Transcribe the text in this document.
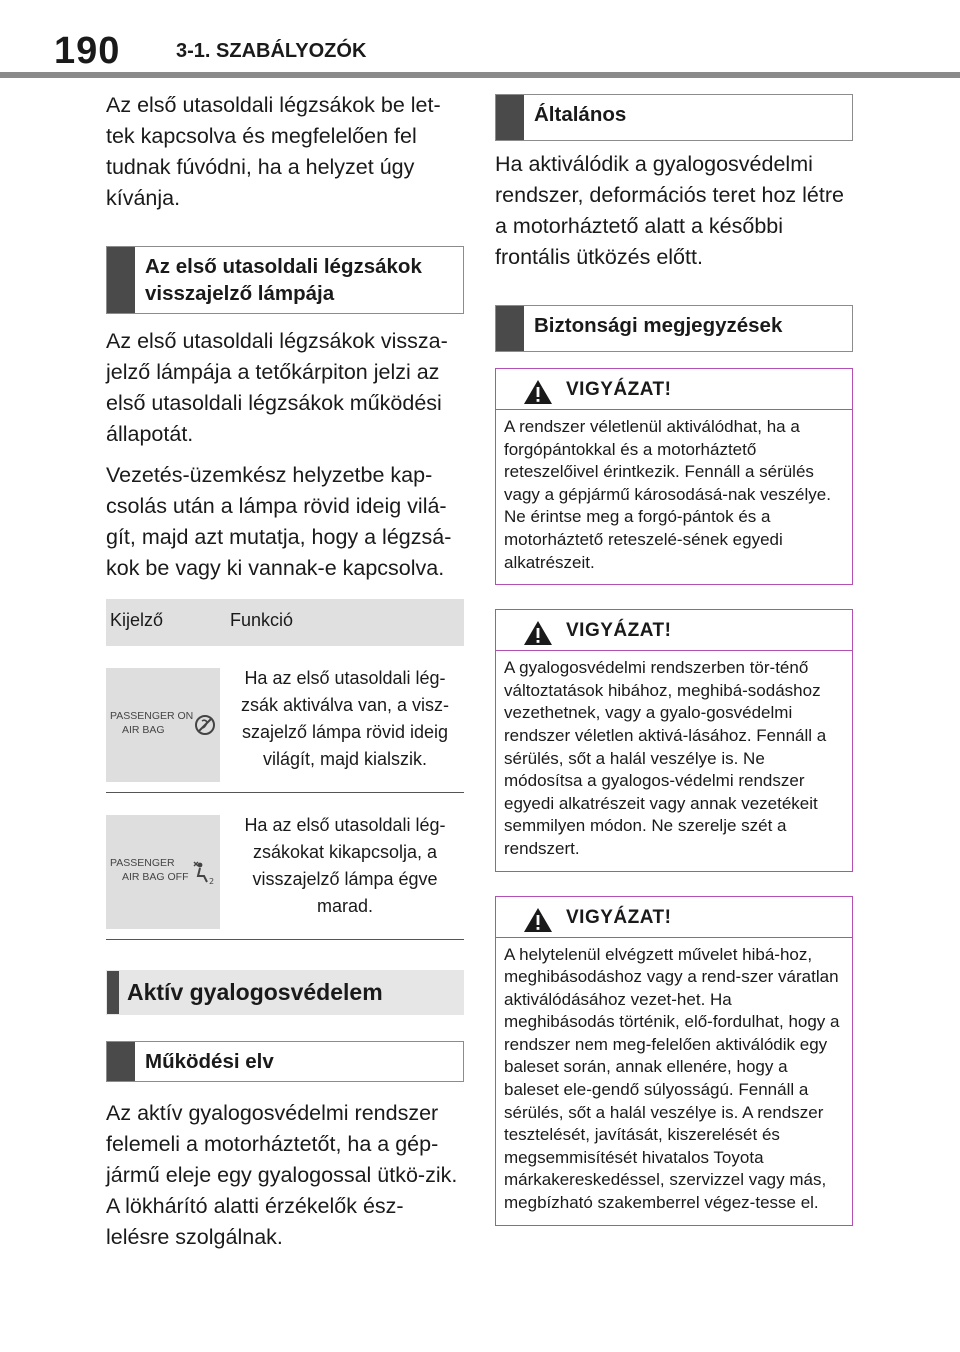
190	3-1. SZABÁLYOZÓK

Az első utasoldali légzsákok be let-tek kapcsolva és megfelelően fel tudnak fúvódni, ha a helyzet úgy kívánja.

Az első utasoldali légzsákok visszajelző lámpája

Az első utasoldali légzsákok vissza-jelző lámpája a tetőkárpiton jelzi az első utasoldali légzsákok működési állapotát.

Vezetés-üzemkész helyzetbe kap-csolás után a lámpa rövid ideig vilá-gít, majd azt mutatja, hogy a légzsá-kok be vagy ki vannak-e kapcsolva.

Kijelző	Funkció

PASSENGER ON
AIR BAG	Ha az első utasoldali lég-zsák aktiválva van, a visz-szajelző lámpa rövid ideig világít, majd kialszik.

PASSENGER
AIR BAG OFF 2	Ha az első utasoldali lég-zsákokat kikapcsolja, a visszajelző lámpa égve marad.
Aktív gyalogosvédelem
Működési elv

Az aktív gyalogosvédelmi rendszer felemeli a motorháztetőt, ha a gép-jármű eleje egy gyalogossal ütkö-zik. A lökhárító alatti érzékelők ész-lelésre szolgálnak.

Általános

Ha aktiválódik a gyalogosvédelmi rendszer, deformációs teret hoz létre a motorháztető alatt a későbbi frontális ütközés előtt.

Biztonsági megjegyzések
VIGYÁZAT!
A rendszer véletlenül aktiválódhat, ha a forgópántokkal és a motorháztető reteszelőivel érintkezik. Fennáll a sérülés vagy a gépjármű károsodásá-nak veszélye. Ne érintse meg a forgó-pántok és a motorháztető reteszelé-sének egyedi alkatrészeit.
VIGYÁZAT!
A gyalogosvédelmi rendszerben tör-ténő változtatások hibához, meghibá-sodáshoz vezethetnek, vagy a gyalo-gosvédelmi rendszer véletlen aktivá-lásához. Fennáll a sérülés, sőt a halál veszélye is. Ne módosítsa a gyalogos-védelmi rendszer egyedi alkatrészeit vagy annak vezetékeit semmilyen módon. Ne szerelje szét a rendszert.
VIGYÁZAT!
A helytelenül elvégzett művelet hibá-hoz, meghibásodáshoz vagy a rend-szer váratlan aktiválódásához vezet-het. Ha meghibásodás történik, elő-fordulhat, hogy a rendszer nem meg-felelően aktiválódik egy baleset során, annak ellenére, hogy a baleset ele-gendő súlyosságú. Fennáll a sérülés, sőt a halál veszélye is. A rendszer tesztelését, javítását, kiszerelését és megsemmisítését hivatalos Toyota márkakereskedéssel, szervizzel vagy más, megbízható szakemberrel végez-tesse el.
